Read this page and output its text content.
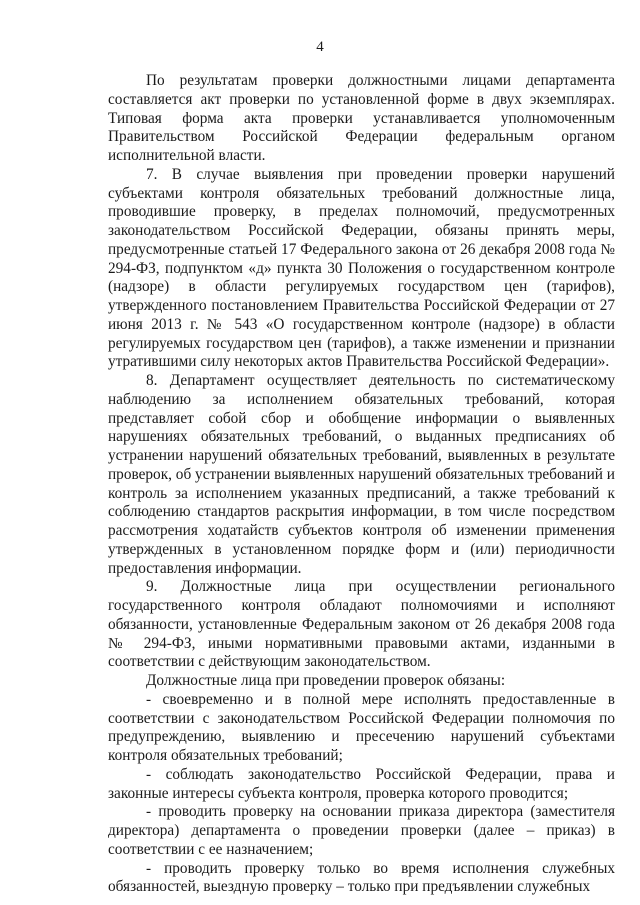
4

По результатам проверки должностными лицами департамента составляется акт проверки по установленной форме в двух экземплярах. Типовая форма акта проверки устанавливается уполномоченным Правительством Российской Федерации федеральным органом исполнительной власти.

7. В случае выявления при проведении проверки нарушений субъектами контроля обязательных требований должностные лица, проводившие проверку, в пределах полномочий, предусмотренных законодательством Российской Федерации, обязаны принять меры, предусмотренные статьей 17 Федерального закона от 26 декабря 2008 года № 294-ФЗ, подпунктом «д» пункта 30 Положения о государственном контроле (надзоре) в области регулируемых государством цен (тарифов), утвержденного постановлением Правительства Российской Федерации от 27 июня 2013 г. № 543 «О государственном контроле (надзоре) в области регулируемых государством цен (тарифов), а также изменении и признании утратившими силу некоторых актов Правительства Российской Федерации».

8. Департамент осуществляет деятельность по систематическому наблюдению за исполнением обязательных требований, которая представляет собой сбор и обобщение информации о выявленных нарушениях обязательных требований, о выданных предписаниях об устранении нарушений обязательных требований, выявленных в результате проверок, об устранении выявленных нарушений обязательных требований и контроль за исполнением указанных предписаний, а также требований к соблюдению стандартов раскрытия информации, в том числе посредством рассмотрения ходатайств субъектов контроля об изменении применения утвержденных в установленном порядке форм и (или) периодичности предоставления информации.

9. Должностные лица при осуществлении регионального государственного контроля обладают полномочиями и исполняют обязанности, установленные Федеральным законом от 26 декабря 2008 года № 294-ФЗ, иными нормативными правовыми актами, изданными в соответствии с действующим законодательством.

Должностные лица при проведении проверок обязаны:

- своевременно и в полной мере исполнять предоставленные в соответствии с законодательством Российской Федерации полномочия по предупреждению, выявлению и пресечению нарушений субъектами контроля обязательных требований;

- соблюдать законодательство Российской Федерации, права и законные интересы субъекта контроля, проверка которого проводится;

- проводить проверку на основании приказа директора (заместителя директора) департамента о проведении проверки (далее – приказ) в соответствии с ее назначением;

- проводить проверку только во время исполнения служебных обязанностей, выездную проверку – только при предъявлении служебных
